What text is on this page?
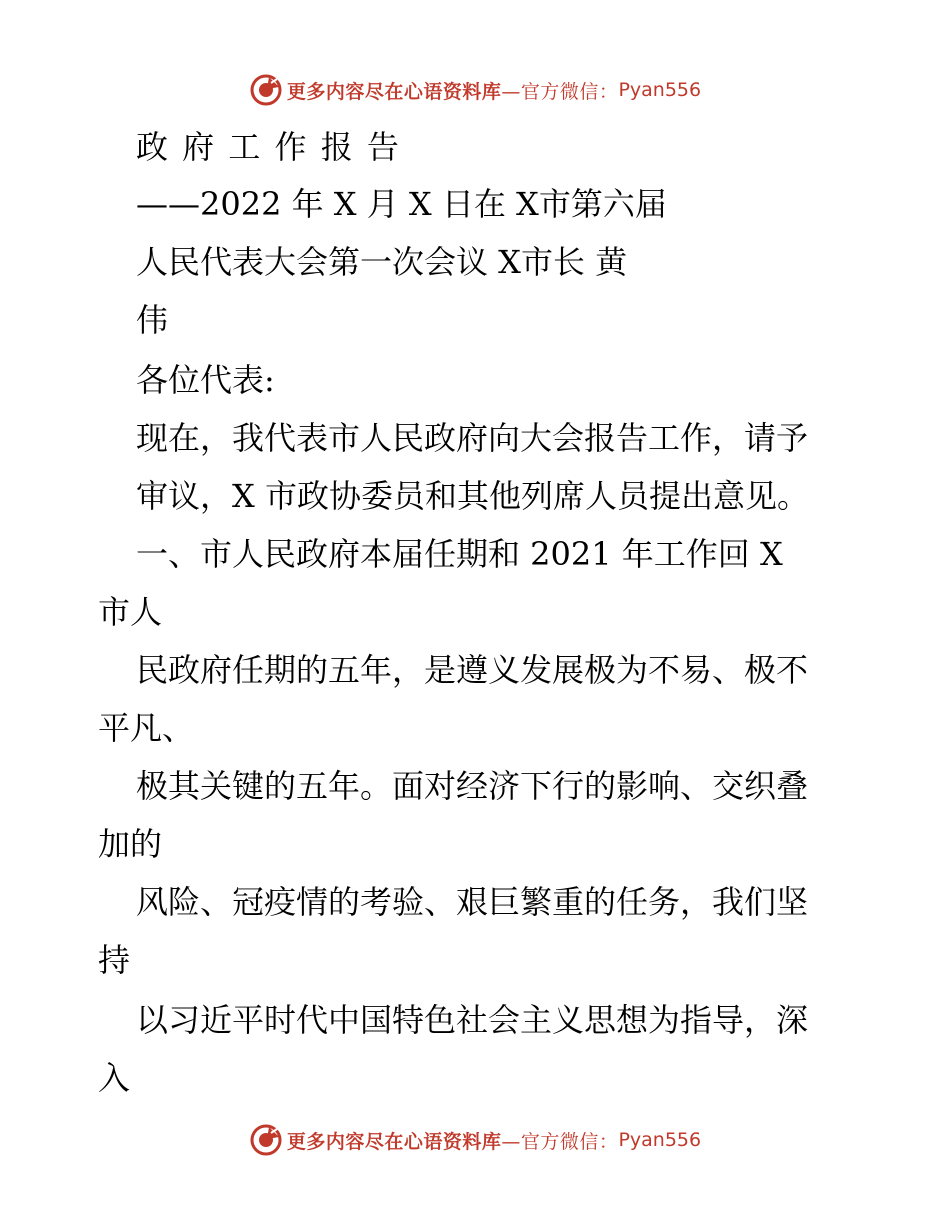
更多内容尽在心语资料库 —官方微信： Pyan556
政 府 工 作 报 告
——2022 年 X 月 X 日在 X市第六届
人民代表大会第一次会议 X市长 黄
伟
各位代表:
现在，我代表市人民政府向大会报告工作，请予
审议，X 市政协委员和其他列席人员提出意见。
一、市人民政府本届任期和 2021 年工作回 X
市人
民政府任期的五年，是遵义发展极为不易、极不
平凡、
极其关键的五年。面对经济下行的影响、交织叠
加的
风险、冠疫情的考验、艰巨繁重的任务，我们坚
持
以习近平时代中国特色社会主义思想为指导，深
入
更多内容尽在心语资料库 —官方微信： Pyan556
